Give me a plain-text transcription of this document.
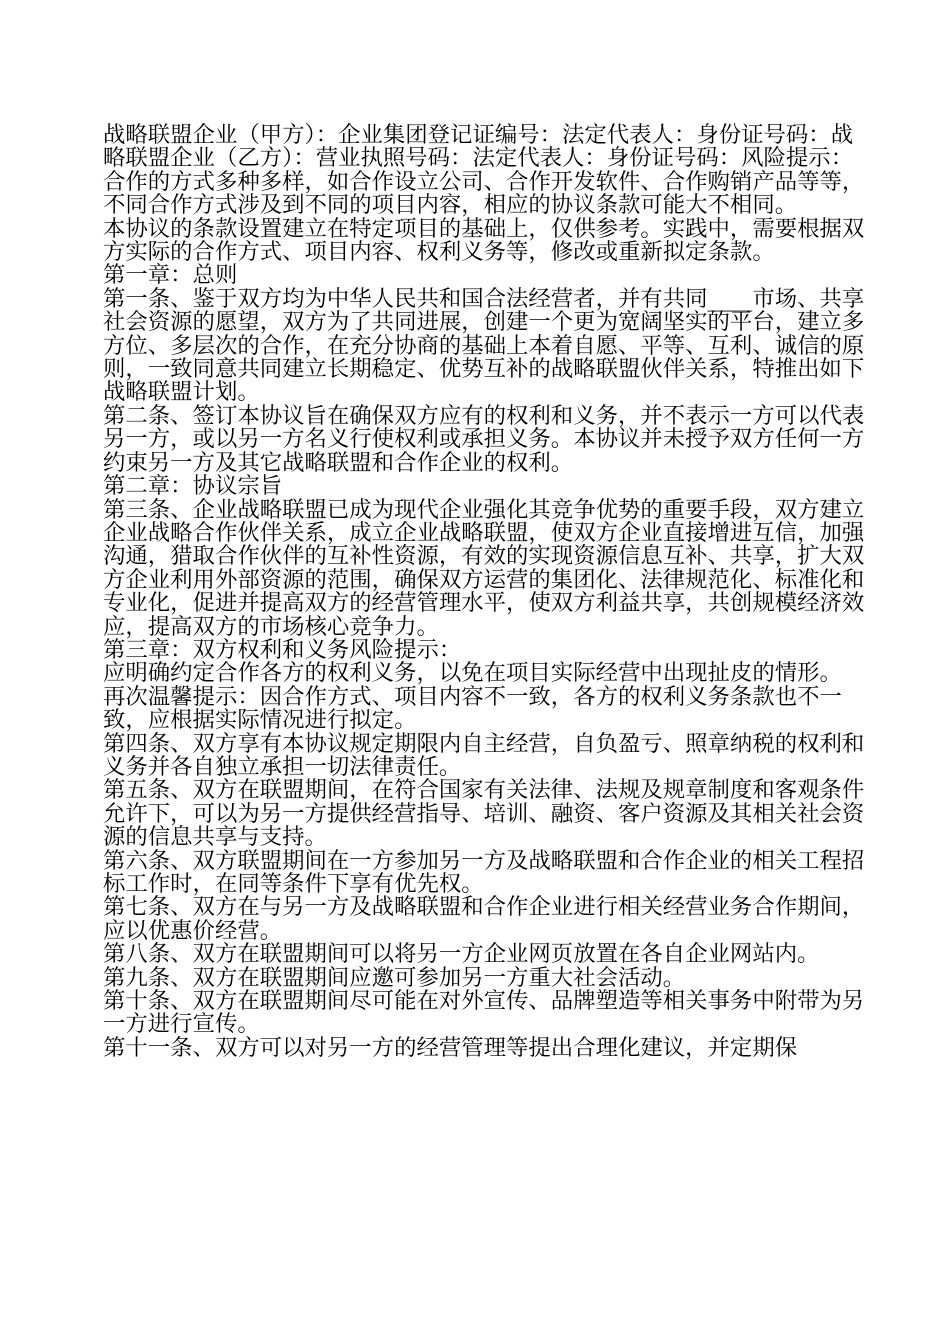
战略联盟企业（甲方）：企业集团登记证编号：法定代表人：身份证号码：战略联盟企业（乙方）：营业执照号码：法定代表人：身份证号码：风险提示：

合作的方式多种多样，如合作设立公司、合作开发软件、合作购销产品等等，不同合作方式涉及到不同的项目内容，相应的协议条款可能大不相同。

本协议的条款设置建立在特定项目的基础上，仅供参考。实践中，需要根据双方实际的合作方式、项目内容、权利义务等，修改或重新拟定条款。

第一章：总则

第一条、鉴于双方均为中华人民共和国合法经营者，并有共同____市场、共享社会资源的愿望，双方为了共同进展，创建一个更为宽阔坚实的平台，建立多方位、多层次的合作，在充分协商的基础上本着自愿、平等、互利、诚信的原则，一致同意共同建立长期稳定、优势互补的战略联盟伙伴关系，特推出如下战略联盟计划。

第二条、签订本协议旨在确保双方应有的权利和义务，并不表示一方可以代表另一方，或以另一方名义行使权利或承担义务。本协议并未授予双方任何一方约束另一方及其它战略联盟和合作企业的权利。

第二章：协议宗旨

第三条、企业战略联盟已成为现代企业强化其竞争优势的重要手段，双方建立企业战略合作伙伴关系，成立企业战略联盟，使双方企业直接增进互信，加强沟通，猎取合作伙伴的互补性资源，有效的实现资源信息互补、共享，扩大双方企业利用外部资源的范围，确保双方运营的集团化、法律规范化、标准化和专业化，促进并提高双方的经营管理水平，使双方利益共享，共创规模经济效应，提高双方的市场核心竞争力。

第三章：双方权利和义务风险提示：

应明确约定合作各方的权利义务，以免在项目实际经营中出现扯皮的情形。

再次温馨提示：因合作方式、项目内容不一致，各方的权利义务条款也不一致，应根据实际情况进行拟定。

第四条、双方享有本协议规定期限内自主经营，自负盈亏、照章纳税的权利和义务并各自独立承担一切法律责任。

第五条、双方在联盟期间，在符合国家有关法律、法规及规章制度和客观条件允许下，可以为另一方提供经营指导、培训、融资、客户资源及其相关社会资源的信息共享与支持。

第六条、双方联盟期间在一方参加另一方及战略联盟和合作企业的相关工程招标工作时，在同等条件下享有优先权。

第七条、双方在与另一方及战略联盟和合作企业进行相关经营业务合作期间，应以优惠价经营。

第八条、双方在联盟期间可以将另一方企业网页放置在各自企业网站内。

第九条、双方在联盟期间应邀可参加另一方重大社会活动。

第十条、双方在联盟期间尽可能在对外宣传、品牌塑造等相关事务中附带为另一方进行宣传。

第十一条、双方可以对另一方的经营管理等提出合理化建议，并定期保
